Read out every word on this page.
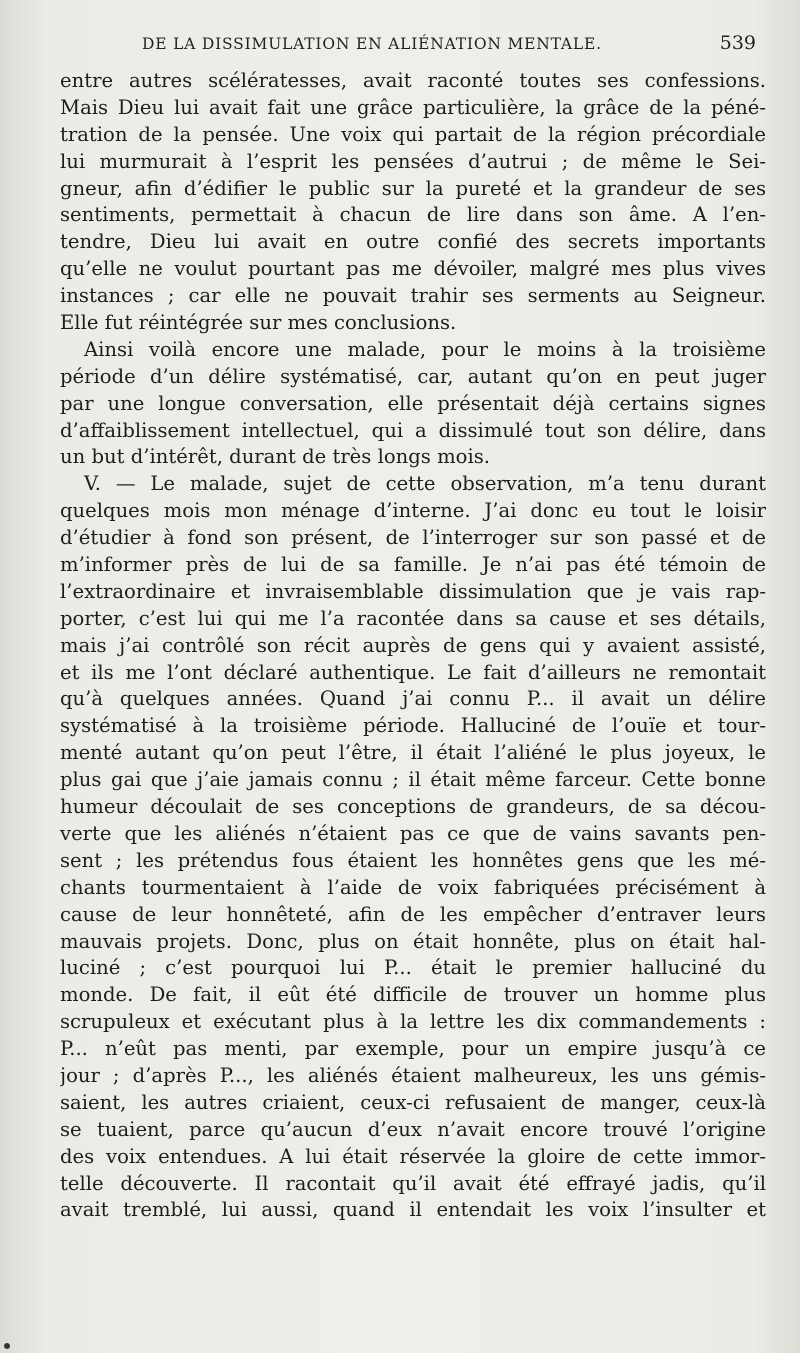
DE LA DISSIMULATION EN ALIÉNATION MENTALE.	539
entre autres scélératesses, avait raconté toutes ses confessions.
Mais Dieu lui avait fait une grâce particulière, la grâce de la péné-
tration de la pensée. Une voix qui partait de la région précordiale
lui murmurait à l’esprit les pensées d’autrui ; de même le Sei-
gneur, afin d’édifier le public sur la pureté et la grandeur de ses
sentiments, permettait à chacun de lire dans son âme. A l’en-
tendre, Dieu lui avait en outre confié des secrets importants
qu’elle ne voulut pourtant pas me dévoiler, malgré mes plus vives
instances ; car elle ne pouvait trahir ses serments au Seigneur.
Elle fut réintégrée sur mes conclusions.
Ainsi voilà encore une malade, pour le moins à la troisième
période d’un délire systématisé, car, autant qu’on en peut juger
par une longue conversation, elle présentait déjà certains signes
d’affaiblissement intellectuel, qui a dissimulé tout son délire, dans
un but d’intérêt, durant de très longs mois.
V. — Le malade, sujet de cette observation, m’a tenu durant
quelques mois mon ménage d’interne. J’ai donc eu tout le loisir
d’étudier à fond son présent, de l’interroger sur son passé et de
m’informer près de lui de sa famille. Je n’ai pas été témoin de
l’extraordinaire et invraisemblable dissimulation que je vais rap-
porter, c’est lui qui me l’a racontée dans sa cause et ses détails,
mais j’ai contrôlé son récit auprès de gens qui y avaient assisté,
et ils me l’ont déclaré authentique. Le fait d’ailleurs ne remontait
qu’à quelques années. Quand j’ai connu P... il avait un délire
systématisé à la troisième période. Halluciné de l’ouïe et tour-
menté autant qu’on peut l’être, il était l’aliéné le plus joyeux, le
plus gai que j’aie jamais connu ; il était même farceur. Cette bonne
humeur découlait de ses conceptions de grandeurs, de sa décou-
verte que les aliénés n’étaient pas ce que de vains savants pen-
sent ; les prétendus fous étaient les honnêtes gens que les mé-
chants tourmentaient à l’aide de voix fabriquées précisément à
cause de leur honnêteté, afin de les empêcher d’entraver leurs
mauvais projets. Donc, plus on était honnête, plus on était hal-
luciné ; c’est pourquoi lui P... était le premier halluciné du
monde. De fait, il eût été difficile de trouver un homme plus
scrupuleux et exécutant plus à la lettre les dix commandements :
P... n’eût pas menti, par exemple, pour un empire jusqu’à ce
jour ; d’après P..., les aliénés étaient malheureux, les uns gémis-
saient, les autres criaient, ceux-ci refusaient de manger, ceux-là
se tuaient, parce qu’aucun d’eux n’avait encore trouvé l’origine
des voix entendues. A lui était réservée la gloire de cette immor-
telle découverte. Il racontait qu’il avait été effrayé jadis, qu’il
avait tremblé, lui aussi, quand il entendait les voix l’insulter et
